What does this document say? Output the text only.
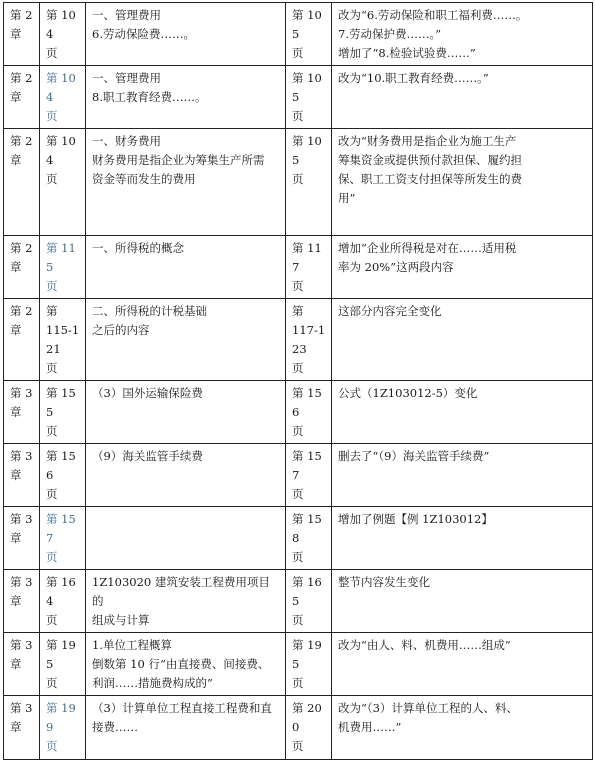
第 2
章	第 104
页	一、管理费用
6.劳动保险费……。	第 105
页	改为“6.劳动保险和职工福利费……。
7.劳动保护费……。”
增加了“8.检验试验费……”

第 2
章	第 104
页	一、管理费用
8.职工教育经费……。	第 105
页	改为“10.职工教育经费……。”

第 2
章	第 104
页	一、财务费用
财务费用是指企业为筹集生产所需
资金等而发生的费用	第 105
页	改为“财务费用是指企业为施工生产
筹集资金或提供预付款担保、履约担
保、职工工资支付担保等所发生的费
用”

第 2
章	第 115
页	一、所得税的概念	第 117
页	增加“企业所得税是对在……适用税
率为 20%”这两段内容

第 2
章	第
115-121
页	二、所得税的计税基础
之后的内容	第
117-123
页	这部分内容完全变化

第 3
章	第 155
页	（3）国外运输保险费	第 156
页	公式（1Z103012-5）变化

第 3
章	第 156
页	（9）海关监管手续费	第 157
页	删去了“（9）海关监管手续费”

第 3
章	第 157
页		第 158
页	增加了例题【例 1Z103012】

第 3
章	第 164
页	1Z103020 建筑安装工程费用项目的
组成与计算	第 165
页	整节内容发生变化

第 3
章	第 195
页	1.单位工程概算
倒数第 10 行“由直接费、间接费、
利润……措施费构成的”	第 195
页	改为“由人、料、机费用……组成”

第 3
章	第 199
页	（3）计算单位工程直接工程费和直
接费……	第 200
页	改为“（3）计算单位工程的人、料、
机费用……”
